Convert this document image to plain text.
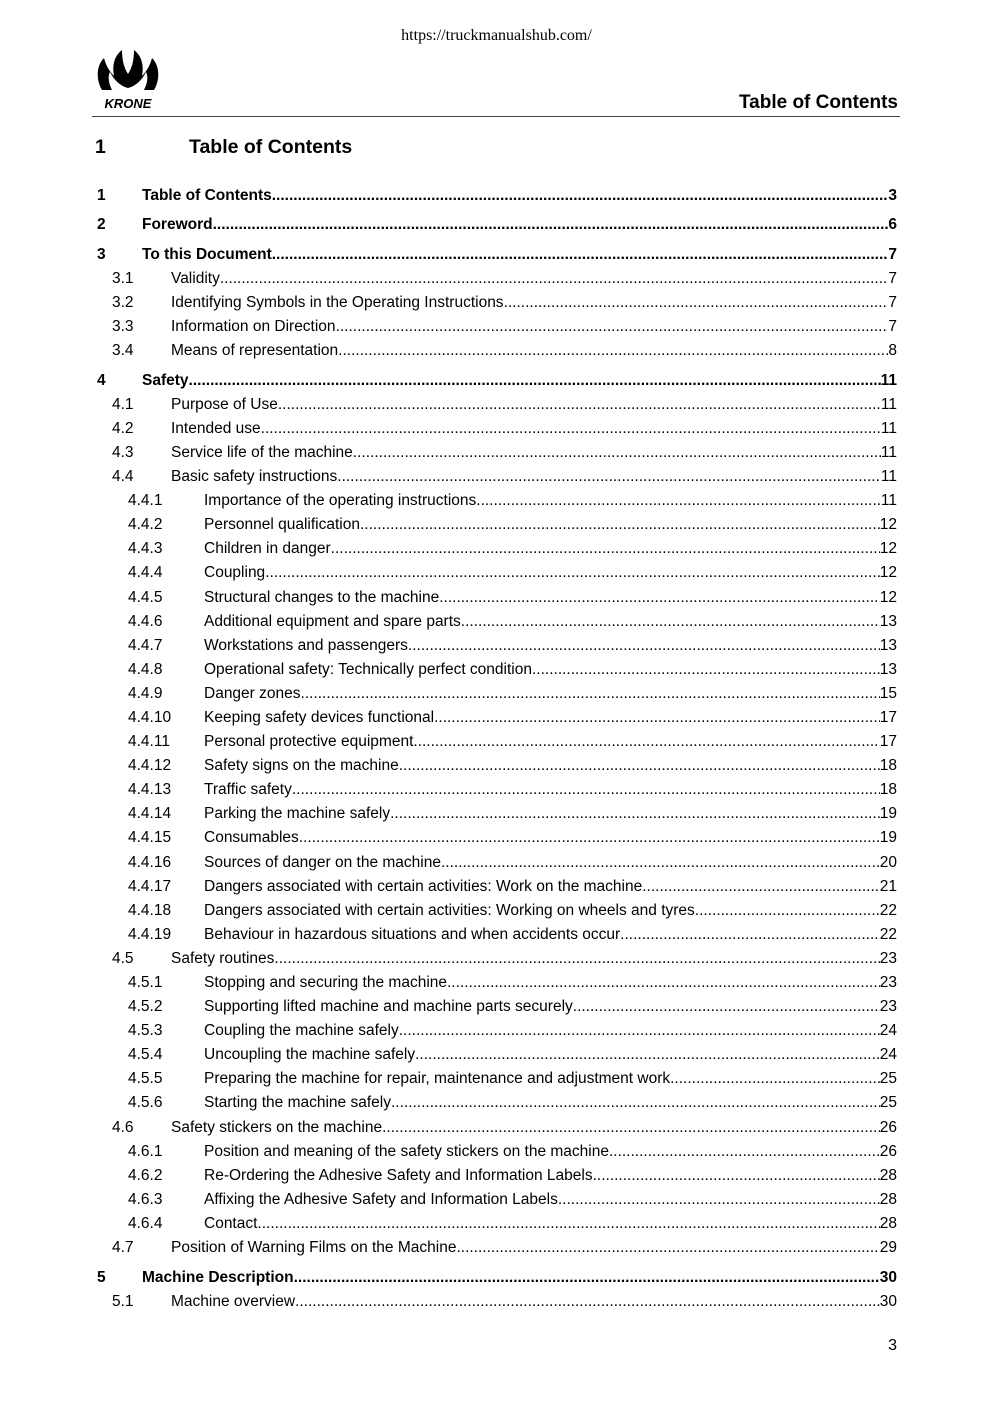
https://truckmanualshub.com/
KRONE	Table of Contents
1	Table of Contents
1 Table of Contents .....	3
2 Foreword .....	6
3 To this Document .....	7
3.1 Validity .....	7
3.2 Identifying Symbols in the Operating Instructions .....	7
3.3 Information on Direction .....	7
3.4 Means of representation .....	8
4 Safety .....	11
4.1 Purpose of Use .....	11
4.2 Intended use .....	11
4.3 Service life of the machine .....	11
4.4 Basic safety instructions .....	11
4.4.1	Importance of the operating instructions .....	11
4.4.2	Personnel qualification .....	12
4.4.3	Children in danger .....	12
4.4.4	Coupling .....	12
4.4.5	Structural changes to the machine .....	12
4.4.6	Additional equipment and spare parts .....	13
4.4.7	Workstations and passengers .....	13
4.4.8	Operational safety: Technically perfect condition .....	13
4.4.9	Danger zones .....	15
4.4.10 Keeping safety devices functional .....	17
4.4.11 Personal protective equipment .....	17
4.4.12 Safety signs on the machine .....	18
4.4.13 Traffic safety .....	18
4.4.14 Parking the machine safely .....	19
4.4.15 Consumables .....	19
4.4.16 Sources of danger on the machine .....	20
4.4.17 Dangers associated with certain activities: Work on the machine .....	21
4.4.18 Dangers associated with certain activities: Working on wheels and tyres .....	22
4.4.19 Behaviour in hazardous situations and when accidents occur .....	22
4.5 Safety routines .....	23
4.5.1	Stopping and securing the machine .....	23
4.5.2	Supporting lifted machine and machine parts securely .....	23
4.5.3	Coupling the machine safely .....	24
4.5.4	Uncoupling the machine safely .....	24
4.5.5	Preparing the machine for repair, maintenance and adjustment work .....	25
4.5.6	Starting the machine safely .....	25
4.6 Safety stickers on the machine .....	26
4.6.1	Position and meaning of the safety stickers on the machine .....	26
4.6.2	Re-Ordering the Adhesive Safety and Information Labels .....	28
4.6.3	Affixing the Adhesive Safety and Information Labels .....	28
4.6.4	Contact .....	28
4.7 Position of Warning Films on the Machine .....	29
5 Machine Description .....	30
5.1 Machine overview .....	30
3
